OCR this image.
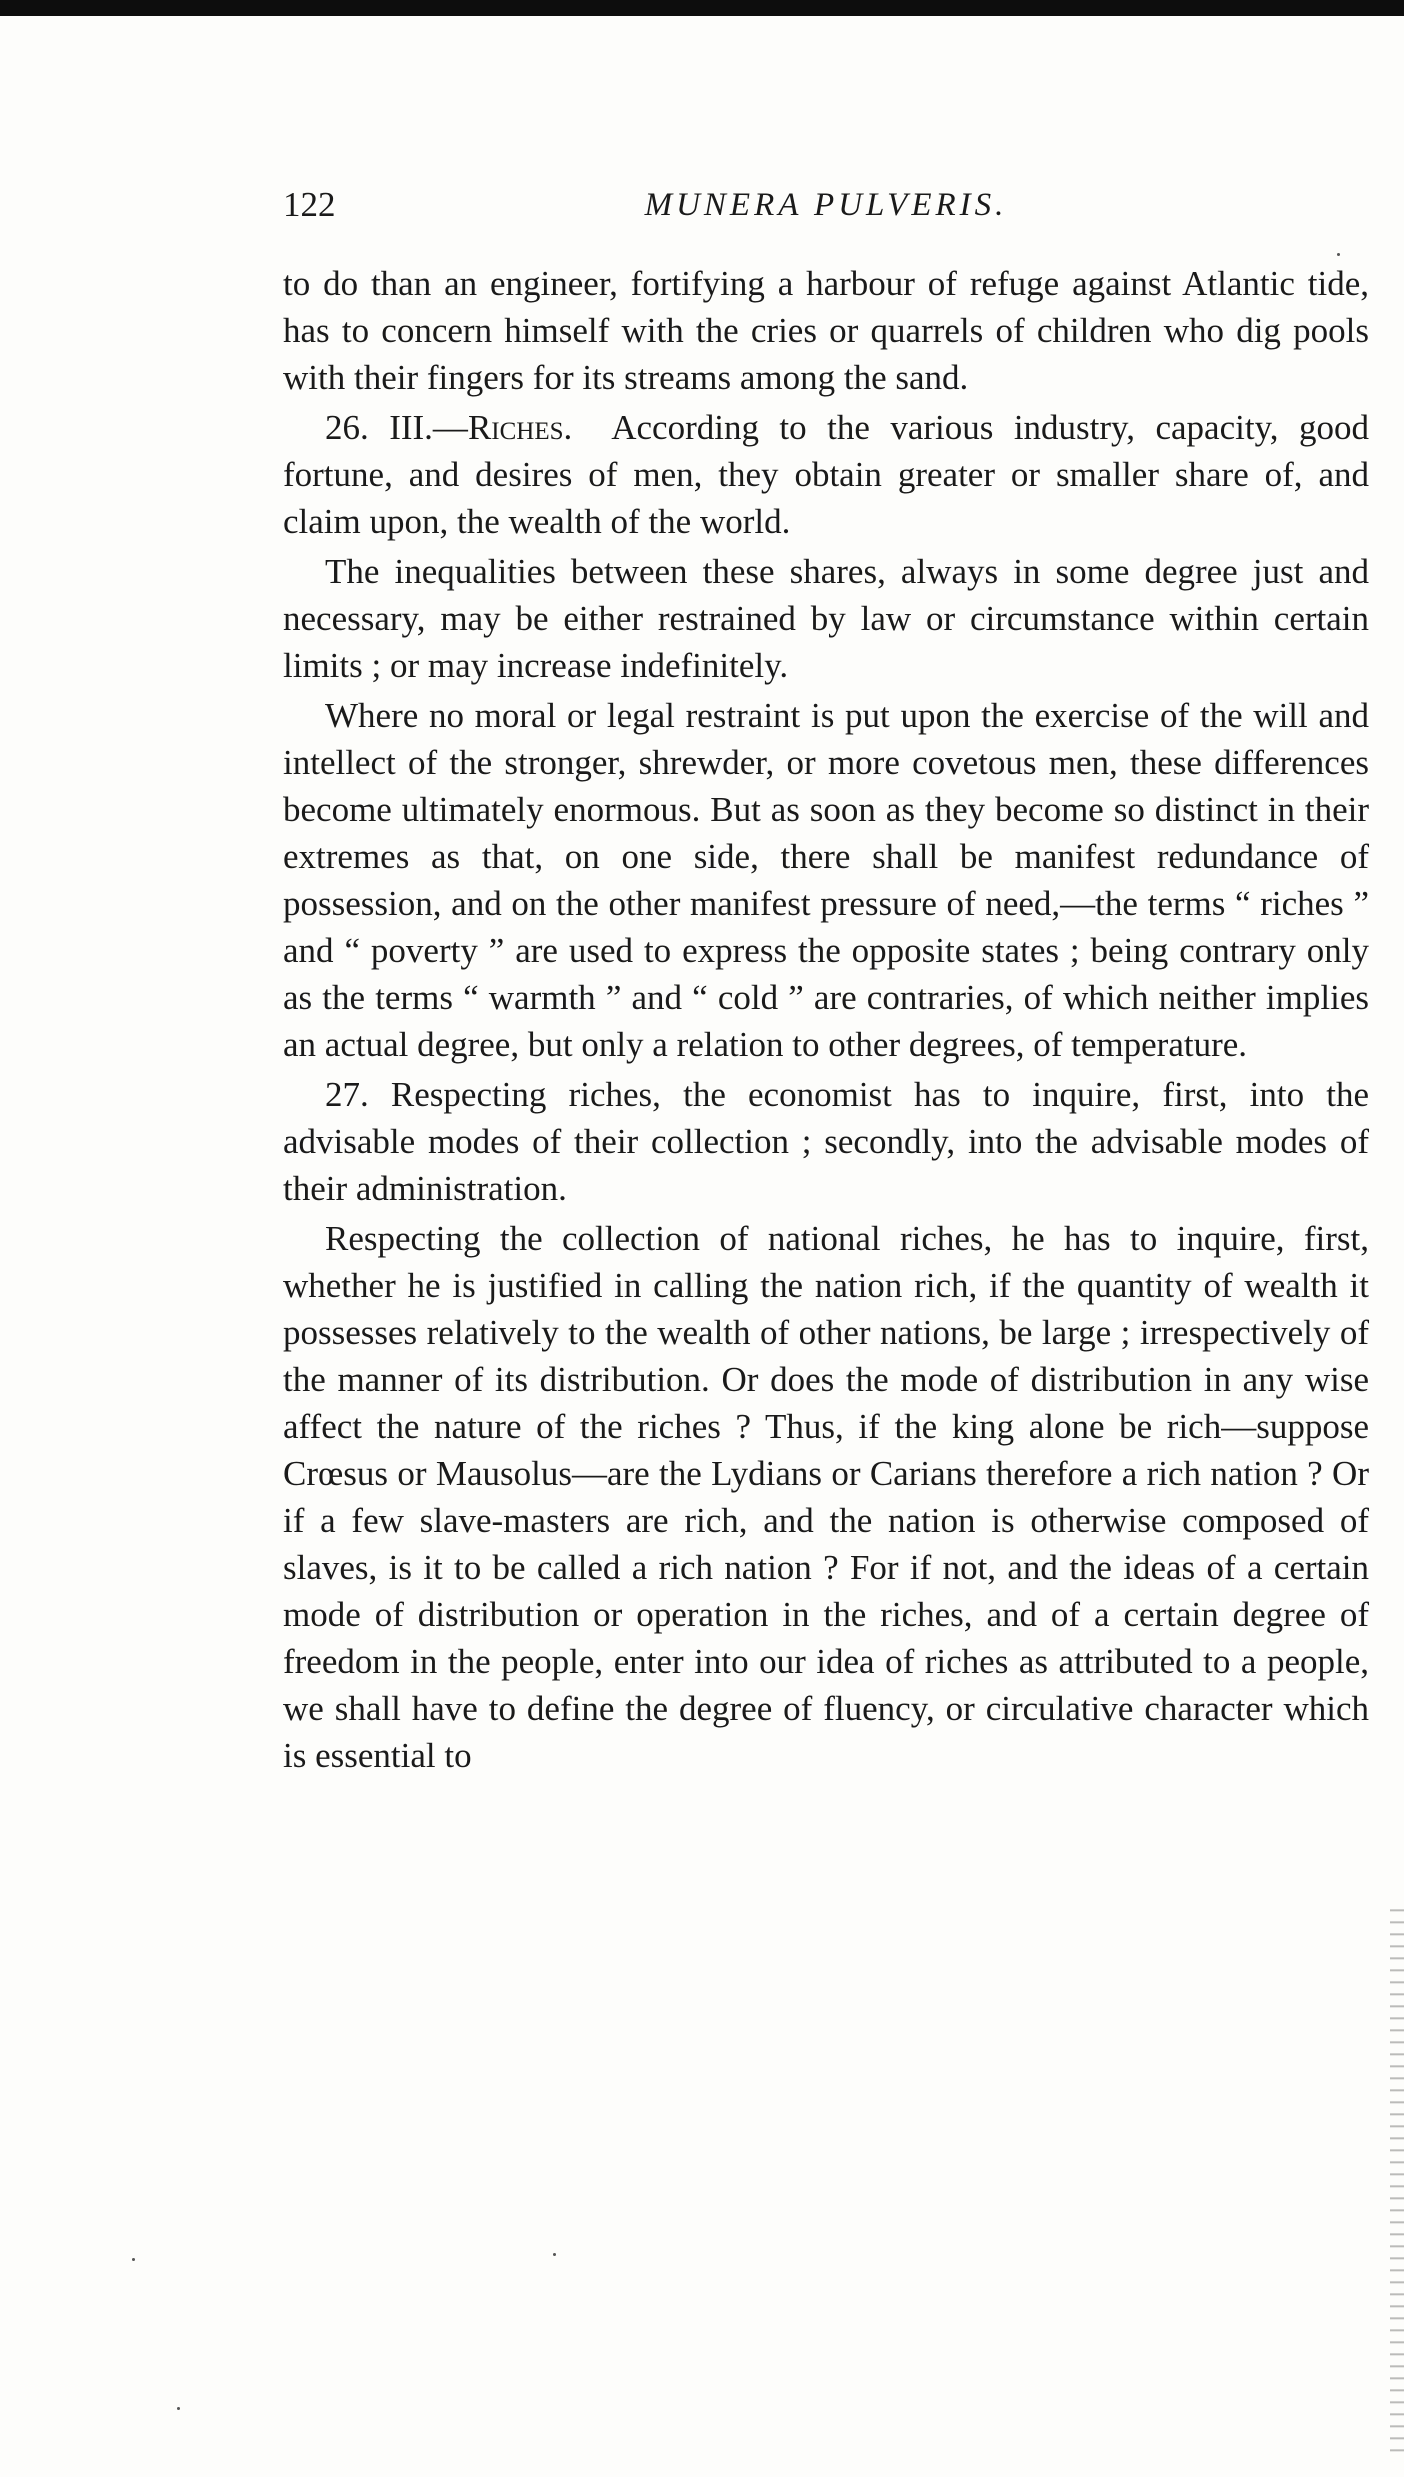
122	MUNERA PULVERIS.

to do than an engineer, fortifying a harbour of refuge against Atlantic tide, has to concern himself with the cries or quarrels of children who dig pools with their fingers for its streams among the sand.

26. III.—Riches. According to the various industry, capacity, good fortune, and desires of men, they obtain greater or smaller share of, and claim upon, the wealth of the world.

The inequalities between these shares, always in some degree just and necessary, may be either restrained by law or circumstance within certain limits ; or may increase indefinitely.

Where no moral or legal restraint is put upon the exercise of the will and intellect of the stronger, shrewder, or more covetous men, these differences become ultimately enormous. But as soon as they become so distinct in their extremes as that, on one side, there shall be manifest redundance of possession, and on the other manifest pressure of need,—the terms “ riches ” and “ poverty ” are used to express the opposite states ; being contrary only as the terms “ warmth ” and “ cold ” are contraries, of which neither implies an actual degree, but only a relation to other degrees, of temperature.

27. Respecting riches, the economist has to inquire, first, into the advisable modes of their collection ; secondly, into the advisable modes of their administration.

Respecting the collection of national riches, he has to inquire, first, whether he is justified in calling the nation rich, if the quantity of wealth it possesses relatively to the wealth of other nations, be large ; irrespectively of the manner of its distribution. Or does the mode of distribution in any wise affect the nature of the riches ? Thus, if the king alone be rich—suppose Crœsus or Mausolus—are the Lydians or Carians therefore a rich nation ? Or if a few slave-masters are rich, and the nation is otherwise composed of slaves, is it to be called a rich nation ? For if not, and the ideas of a certain mode of distribution or operation in the riches, and of a certain degree of freedom in the people, enter into our idea of riches as attributed to a people, we shall have to define the degree of fluency, or circulative character which is essential to
